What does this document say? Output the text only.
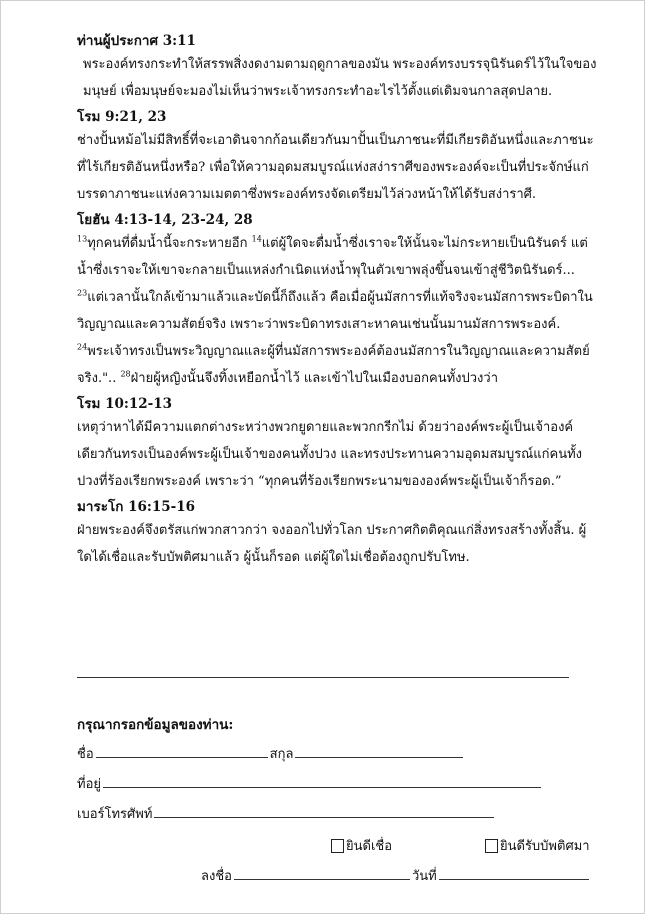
ท่านผู้ประกาศ 3:11

พระองค์ทรงกระทำให้สรรพสิ่งงดงามตามฤดูกาลของมัน พระองค์ทรงบรรจุนิรันดร์ไว้ในใจของมนุษย์ เพื่อมนุษย์จะมองไม่เห็นว่าพระเจ้าทรงกระทำอะไรไว้ตั้งแต่เดิมจนกาลสุดปลาย.

โรม 9:21, 23

ช่างปั้นหม้อไม่มีสิทธิ์ที่จะเอาดินจากก้อนเดียวกันมาปั้นเป็นภาชนะที่มีเกียรติอันหนึ่งและภาชนะที่ไร้เกียรติอันหนึ่งหรือ? เพื่อให้ความอุดมสมบูรณ์แห่งสง่าราศีของพระองค์จะเป็นที่ประจักษ์แก่บรรดาภาชนะแห่งความเมตตาซึ่งพระองค์ทรงจัดเตรียมไว้ล่วงหน้าให้ได้รับสง่าราศี.

โยฮัน 4:13-14, 23-24, 28

$^{13}$ทุกคนที่ดื่มน้ำนี้จะกระหายอีก $^{14}$แต่ผู้ใดจะดื่มน้ำซึ่งเราจะให้นั้นจะไม่กระหายเป็นนิรันดร์ แต่น้ำซึ่งเราจะให้เขาจะกลายเป็นแหล่งกำเนิดแห่งน้ำพุในตัวเขาพลุ่งขึ้นจนเข้าสู่ชีวิตนิรันดร์... $^{23}$แต่เวลานั้นใกล้เข้ามาแล้วและบัดนี้ก็ถึงแล้ว คือเมื่อผู้นมัสการที่แท้จริงจะนมัสการพระบิดาในวิญญาณและความสัตย์จริง เพราะว่าพระบิดาทรงเสาะหาคนเช่นนั้นมานมัสการพระองค์. $^{24}$พระเจ้าทรงเป็นพระวิญญาณและผู้ที่นมัสการพระองค์ต้องนมัสการในวิญญาณและความสัตย์จริง.".. $^{28}$ฝ่ายผู้หญิงนั้นจึงทิ้งเหยือกน้ำไว้ และเข้าไปในเมืองบอกคนทั้งปวงว่า

โรม 10:12-13

เหตุว่าหาได้มีความแตกต่างระหว่างพวกยูดายและพวกกรีกไม่ ด้วยว่าองค์พระผู้เป็นเจ้าองค์เดียวกันทรงเป็นองค์พระผู้เป็นเจ้าของคนทั้งปวง และทรงประทานความอุดมสมบูรณ์แก่คนทั้งปวงที่ร้องเรียกพระองค์ เพราะว่า “ทุกคนที่ร้องเรียกพระนามขององค์พระผู้เป็นเจ้าก็รอด.”

มาระโก 16:15-16

ฝ่ายพระองค์จึงตรัสแก่พวกสาวกว่า จงออกไปทั่วโลก ประกาศกิตติคุณแก่สิ่งทรงสร้างทั้งสิ้น. ผู้ใดได้เชื่อและรับบัพติศมาแล้ว ผู้นั้นก็รอด แต่ผู้ใดไม่เชื่อต้องถูกปรับโทษ.

กรุณากรอกข้อมูลของท่าน:
ชื่อ	สกุล
ที่อยู่
เบอร์โทรศัพท์
ยินดีเชื่อ	ยินดีรับบัพติศมา
ลงชื่อ	วันที่
